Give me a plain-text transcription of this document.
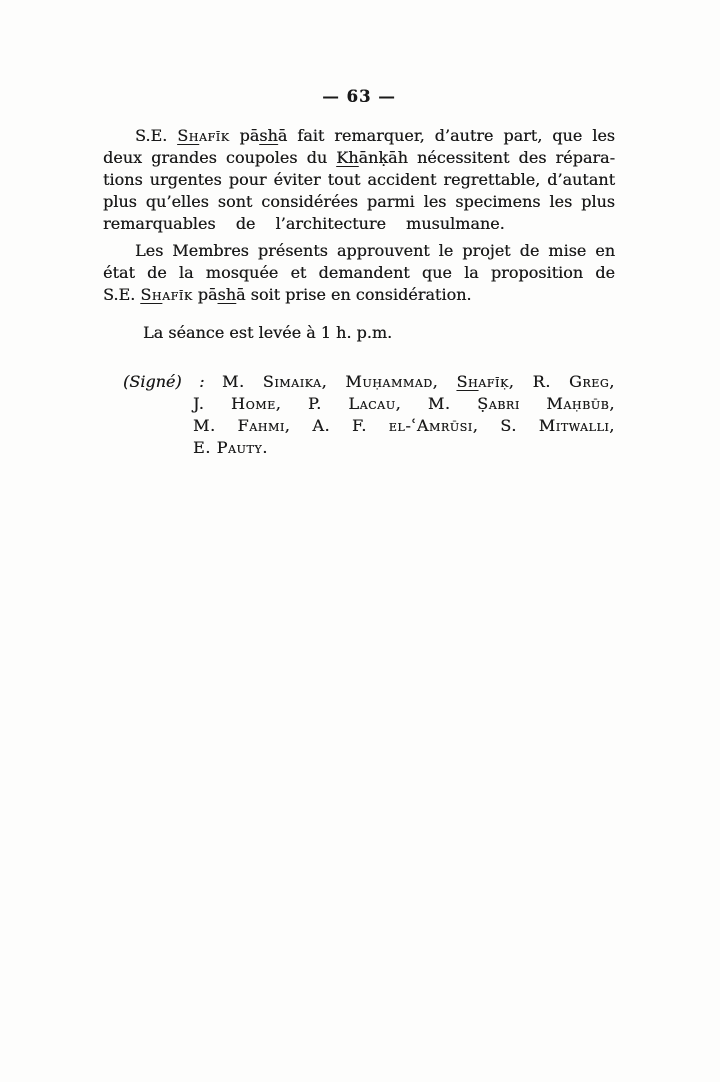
— 63 —
S.E. Shafīk pāshā fait remarquer, d’autre part, que les
deux grandes coupoles du Khānḳāh nécessitent des répara-
tions urgentes pour éviter tout accident regrettable, d’autant
plus qu’elles sont considérées parmi les specimens les plus
remarquables de l’architecture musulmane.
Les Membres présents approuvent le projet de mise en
état de la mosquée et demandent que la proposition de
S.E. Shafīk pāshā soit prise en considération.
La séance est levée à 1 h. p.m.
(Signé) : M. Simaika, Muḥammad, Shafīḳ, R. Greg,
J. Home, P. Lacau, M. Ṣabri Maḥbūb,
M. Fahmi, A. F. el-ʿAmrūsi, S. Mitwalli,
E. Pauty.
